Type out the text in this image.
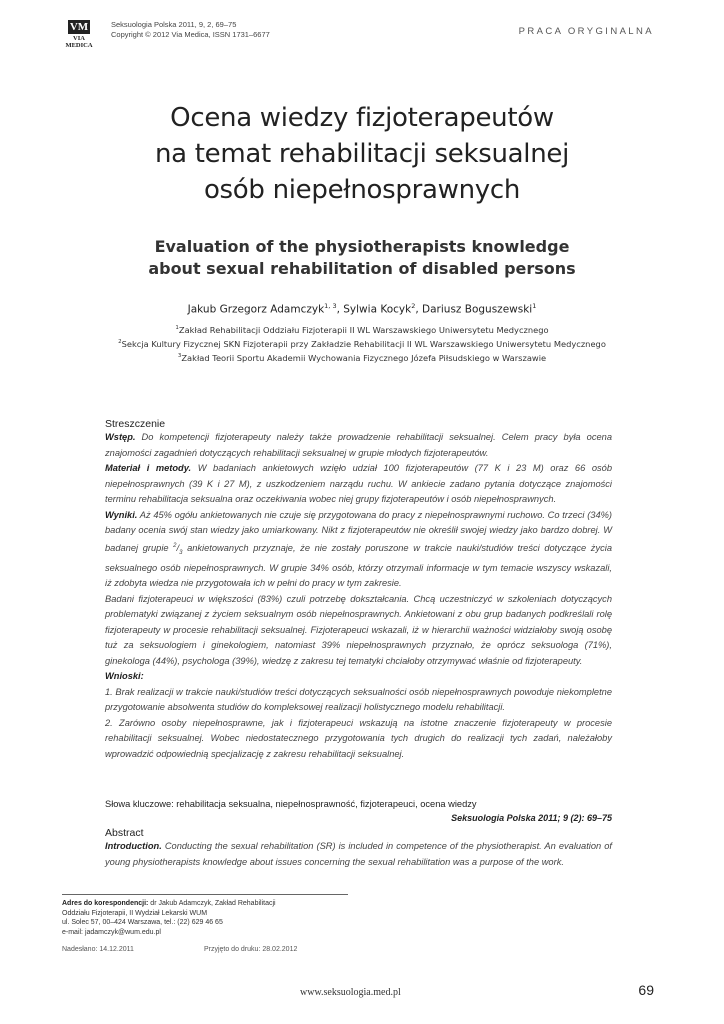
VM
VIA MEDICA
Seksuologia Polska 2011, 9, 2, 69–75
Copyright © 2012 Via Medica, ISSN 1731–6677	PRACA ORYGINALNA
Ocena wiedzy fizjoterapeutów
na temat rehabilitacji seksualnej
osób niepełnosprawnych
Evaluation of the physiotherapists knowledge
about sexual rehabilitation of disabled persons
Jakub Grzegorz Adamczyk$^{1, 3}$, Sylwia Kocyk$^2$, Dariusz Boguszewski$^1$
$^1$Zakład Rehabilitacji Oddziału Fizjoterapii II WL Warszawskiego Uniwersytetu Medycznego
$^2$Sekcja Kultury Fizycznej SKN Fizjoterapii przy Zakładzie Rehabilitacji II WL Warszawskiego Uniwersytetu Medycznego
$^3$Zakład Teorii Sportu Akademii Wychowania Fizycznego Józefa Piłsudskiego w Warszawie
Streszczenie

Wstęp. Do kompetencji fizjoterapeuty należy także prowadzenie rehabilitacji seksualnej. Celem pracy była ocena znajomości zagadnień dotyczących rehabilitacji seksualnej w grupie młodych fizjoterapeutów.

Materiał i metody. W badaniach ankietowych wzięło udział 100 fizjoterapeutów (77 K i 23 M) oraz 66 osób niepełnosprawnych (39 K i 27 M), z uszkodzeniem narządu ruchu. W ankiecie zadano pytania dotyczące znajomości terminu rehabilitacja seksualna oraz oczekiwania wobec niej grupy fizjoterapeutów i osób niepełnosprawnych.

Wyniki. Aż 45% ogółu ankietowanych nie czuje się przygotowana do pracy z niepełnosprawnymi ruchowo. Co trzeci (34%) badany ocenia swój stan wiedzy jako umiarkowany. Nikt z fizjoterapeutów nie określił swojej wiedzy jako bardzo dobrej. W badanej grupie $^2/_3$ ankietowanych przyznaje, że nie zostały poruszone w trakcie nauki/studiów treści dotyczące życia seksualnego osób niepełnosprawnych. W grupie 34% osób, którzy otrzymali informacje w tym temacie wszyscy wskazali, iż zdobyta wiedza nie przygotowała ich w pełni do pracy w tym zakresie.

Badani fizjoterapeuci w większości (83%) czuli potrzebę dokształcania. Chcą uczestniczyć w szkoleniach dotyczących problematyki związanej z życiem seksualnym osób niepełnosprawnych. Ankietowani z obu grup badanych podkreślali rolę fizjoterapeuty w procesie rehabilitacji seksualnej. Fizjoterapeuci wskazali, iż w hierarchii ważności widziałoby swoją osobę tuż za seksuologiem i ginekologiem, natomiast 39% niepełnosprawnych przyznało, że oprócz seksuologa (71%), ginekologa (44%), psychologa (39%), wiedzę z zakresu tej tematyki chciałoby otrzymywać właśnie od fizjoterapeuty.

Wnioski:

1. Brak realizacji w trakcie nauki/studiów treści dotyczących seksualności osób niepełnosprawnych powoduje niekompletne przygotowanie absolwenta studiów do kompleksowej realizacji holistycznego modelu rehabilitacji.

2. Zarówno osoby niepełnosprawne, jak i fizjoterapeuci wskazują na istotne znaczenie fizjoterapeuty w procesie rehabilitacji seksualnej. Wobec niedostatecznego przygotowania tych drugich do realizacji tych zadań, należałoby wprowadzić odpowiednią specjalizację z zakresu rehabilitacji seksualnej.

Słowa kluczowe: rehabilitacja seksualna, niepełnosprawność, fizjoterapeuci, ocena wiedzy
Seksuologia Polska 2011; 9 (2): 69–75
Abstract

Introduction. Conducting the sexual rehabilitation (SR) is included in competence of the physiotherapist. An evaluation of young physiotherapists knowledge about issues concerning the sexual rehabilitation was a purpose of the work.

Adres do korespondencji: dr Jakub Adamczyk, Zakład Rehabilitacji
Oddziału Fizjoterapii, II Wydział Lekarski WUM
ul. Solec 57, 00–424 Warszawa, tel.: (22) 629 46 65
e-mail: jadamczyk@wum.edu.pl
Nadesłano: 14.12.2011	Przyjęto do druku: 28.02.2012
www.seksuologia.med.pl	69
